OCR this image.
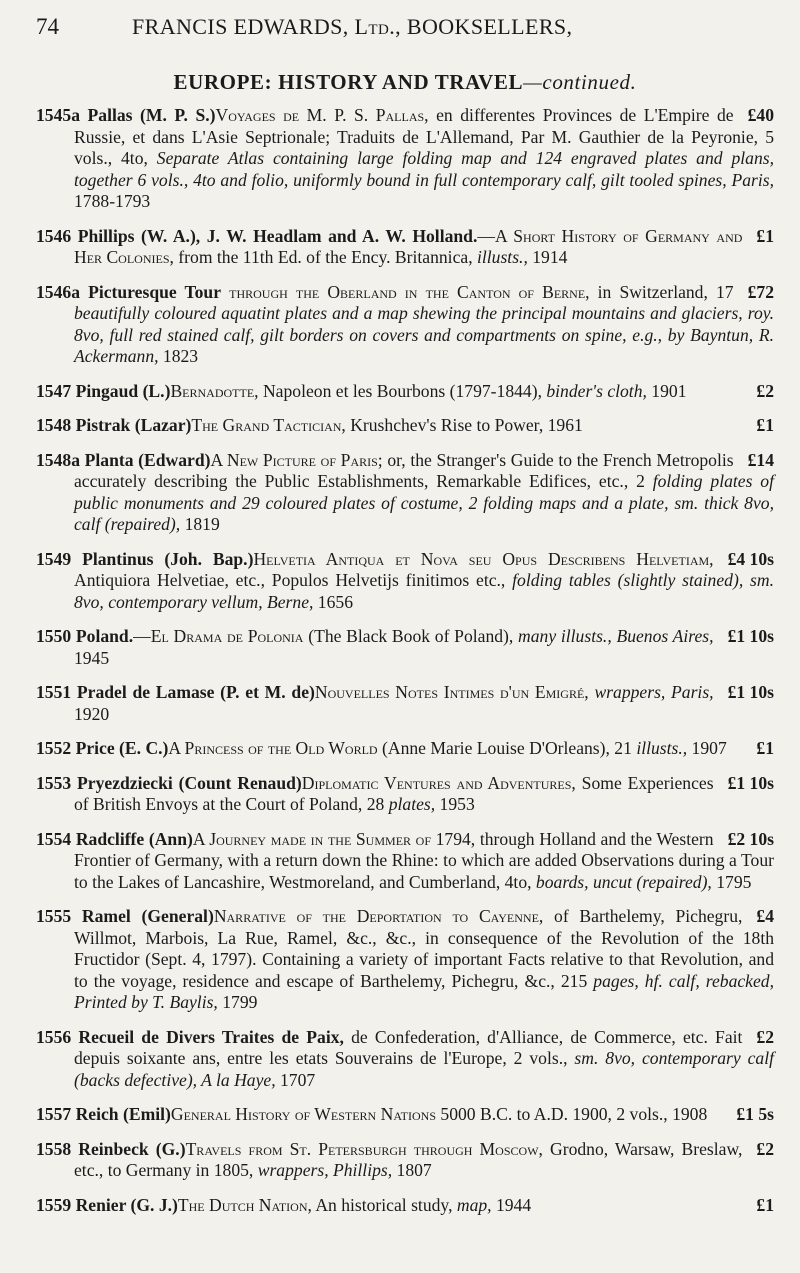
74	FRANCIS EDWARDS, Ltd., BOOKSELLERS,
EUROPE: HISTORY AND TRAVEL—continued.

£40
1545a Pallas (M. P. S.)Voyages de M. P. S. Pallas, en differentes Provinces de L'Empire de Russie, et dans L'Asie Septrionale; Traduits de L'Allemand, Par M. Gauthier de la Peyronie, 5 vols., 4to, Separate Atlas containing large folding map and 124 engraved plates and plans, together 6 vols., 4to and folio, uniformly bound in full contemporary calf, gilt tooled spines, Paris, 1788-1793

£1
1546 Phillips (W. A.), J. W. Headlam and A. W. Holland.—A Short History of Germany and Her Colonies, from the 11th Ed. of the Ency. Britannica, illusts., 1914

£72
1546a Picturesque Tour through the Oberland in the Canton of Berne, in Switzerland, 17 beautifully coloured aquatint plates and a map shewing the principal mountains and glaciers, roy. 8vo, full red stained calf, gilt borders on covers and compartments on spine, e.g., by Bayntun, R. Ackermann, 1823

£2
1547 Pingaud (L.)Bernadotte, Napoleon et les Bourbons (1797-1844), binder's cloth, 1901

£1
1548 Pistrak (Lazar)The Grand Tactician, Krushchev's Rise to Power, 1961

£14
1548a Planta (Edward)A New Picture of Paris; or, the Stranger's Guide to the French Metropolis accurately describing the Public Establishments, Remarkable Edifices, etc., 2 folding plates of public monuments and 29 coloured plates of costume, 2 folding maps and a plate, sm. thick 8vo, calf (repaired), 1819

£4 10s
1549 Plantinus (Joh. Bap.)Helvetia Antiqua et Nova seu Opus Describens Helvetiam, Antiquiora Helvetiae, etc., Populos Helvetijs finitimos etc., folding tables (slightly stained), sm. 8vo, contemporary vellum, Berne, 1656

£1 10s
1550 Poland.—El Drama de Polonia (The Black Book of Poland), many illusts., Buenos Aires, 1945

£1 10s
1551 Pradel de Lamase (P. et M. de)Nouvelles Notes Intimes d'un Emigré, wrappers, Paris, 1920

£1
1552 Price (E. C.)A Princess of the Old World (Anne Marie Louise D'Orleans), 21 illusts., 1907

£1 10s
1553 Pryezdziecki (Count Renaud)Diplomatic Ventures and Adventures, Some Experiences of British Envoys at the Court of Poland, 28 plates, 1953

£2 10s
1554 Radcliffe (Ann)A Journey made in the Summer of 1794, through Holland and the Western Frontier of Germany, with a return down the Rhine: to which are added Observations during a Tour to the Lakes of Lancashire, Westmoreland, and Cumberland, 4to, boards, uncut (repaired), 1795

£4
1555 Ramel (General)Narrative of the Deportation to Cayenne, of Barthelemy, Pichegru, Willmot, Marbois, La Rue, Ramel, &c., &c., in consequence of the Revolution of the 18th Fructidor (Sept. 4, 1797). Containing a variety of important Facts relative to that Revolution, and to the voyage, residence and escape of Barthelemy, Pichegru, &c., 215 pages, hf. calf, rebacked, Printed by T. Baylis, 1799

£2
1556 Recueil de Divers Traites de Paix, de Confederation, d'Alliance, de Commerce, etc. Fait depuis soixante ans, entre les etats Souverains de l'Europe, 2 vols., sm. 8vo, contemporary calf (backs defective), A la Haye, 1707

£1 5s
1557 Reich (Emil)General History of Western Nations 5000 B.C. to A.D. 1900, 2 vols., 1908

£2
1558 Reinbeck (G.)Travels from St. Petersburgh through Moscow, Grodno, Warsaw, Breslaw, etc., to Germany in 1805, wrappers, Phillips, 1807

£1
1559 Renier (G. J.)The Dutch Nation, An historical study, map, 1944
